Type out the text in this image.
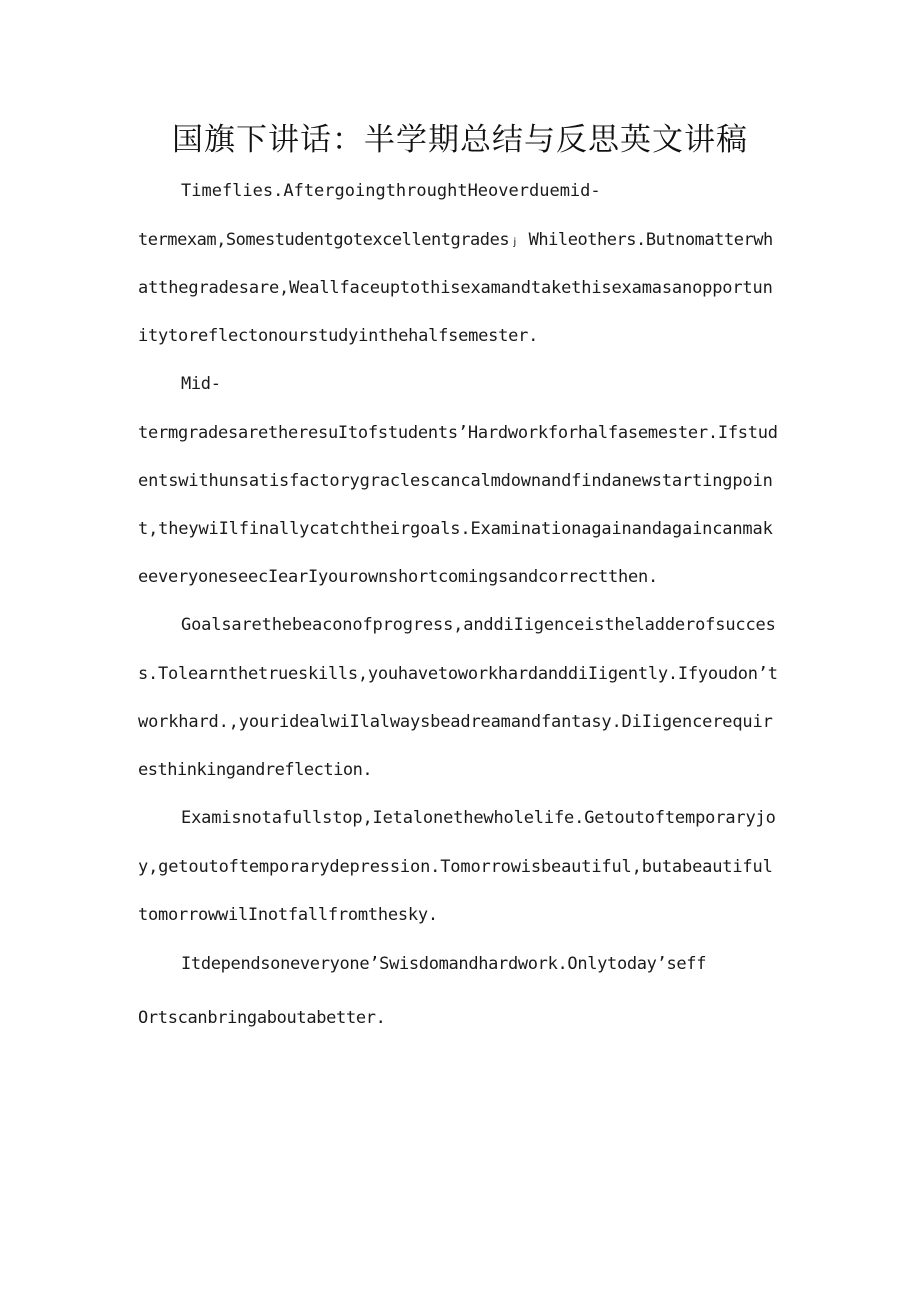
国旗下讲话：半学期总结与反思英文讲稿
Timeflies.AftergoingthroughtHeoverduemid-
termexam,Somestudentgotexcellentgradesⱼ Whileothers.Butnomatterwh
atthegradesare,Weallfaceuptothisexamandtakethisexamasanopportun
itytoreflectonourstudyinthehalfsemester.
Mid-
termgradesaretheresuItofstudents’Hardworkforhalfasemester.Ifstud
entswithunsatisfactorygraclescancalmdownandfindanewstartingpoin
t,theywiIlfinallycatchtheirgoals.Examinationagainandagaincanmak
eeveryoneseecIearIyourownshortcomingsandcorrectthen.
Goalsarethebeaconofprogress,anddiIigenceistheladderofsucces
s.Tolearnthetrueskills,youhavetoworkhardanddiIigently.Ifyoudon’t
workhard.,youridealwiIlalwaysbeadreamandfantasy.DiIigencerequir
esthinkingandreflection.
Examisnotafullstop,Ietalonethewholelife.Getoutoftemporaryjo
y,getoutoftemporarydepression.Tomorrowisbeautiful,butabeautiful
tomorrowwilInotfallfromthesky.
Itdependsoneveryone’Swisdomandhardwork.Onlytoday’seff
Ortscanbringaboutabetter.
